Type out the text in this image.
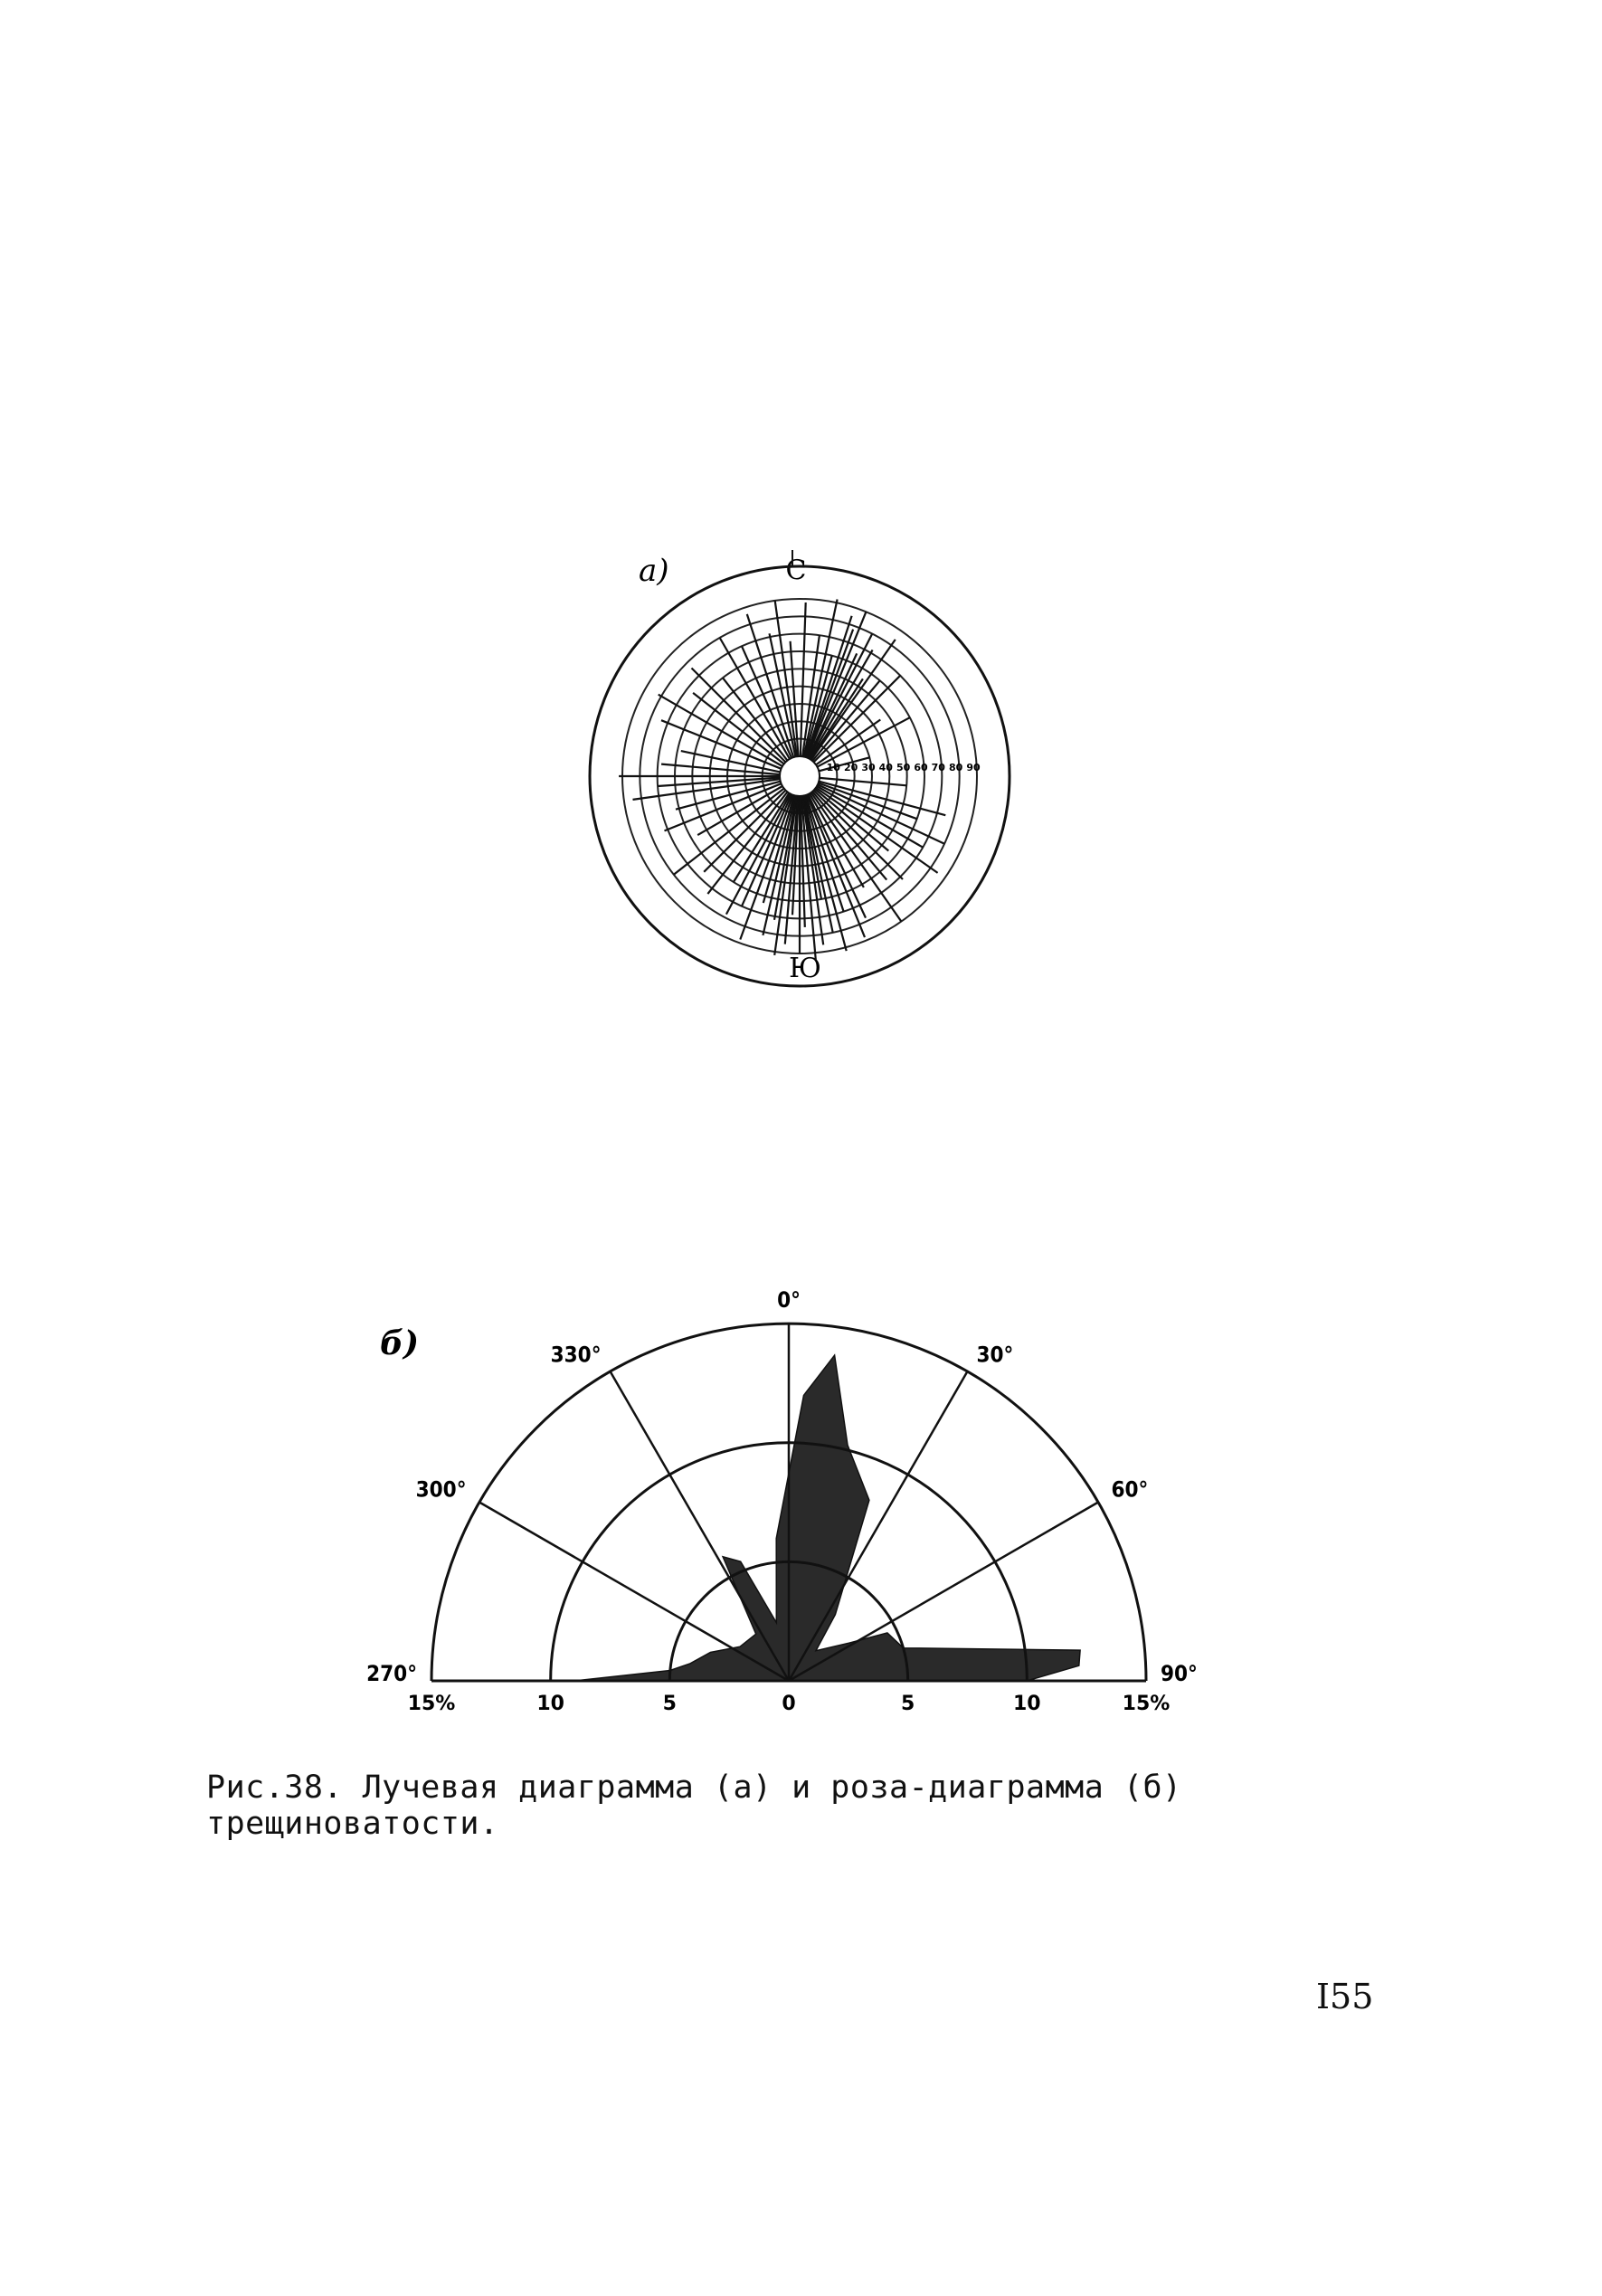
а)	С
Ю
10 20 30 40 50 60 70 80 90
б)
270°
300°
330°
0°
30°
60°
90°
15%	10	5	0	5	10	15%
Рис.38. Лучевая диаграмма (а) и роза-диаграмма (б) трещиноватости.
I55
